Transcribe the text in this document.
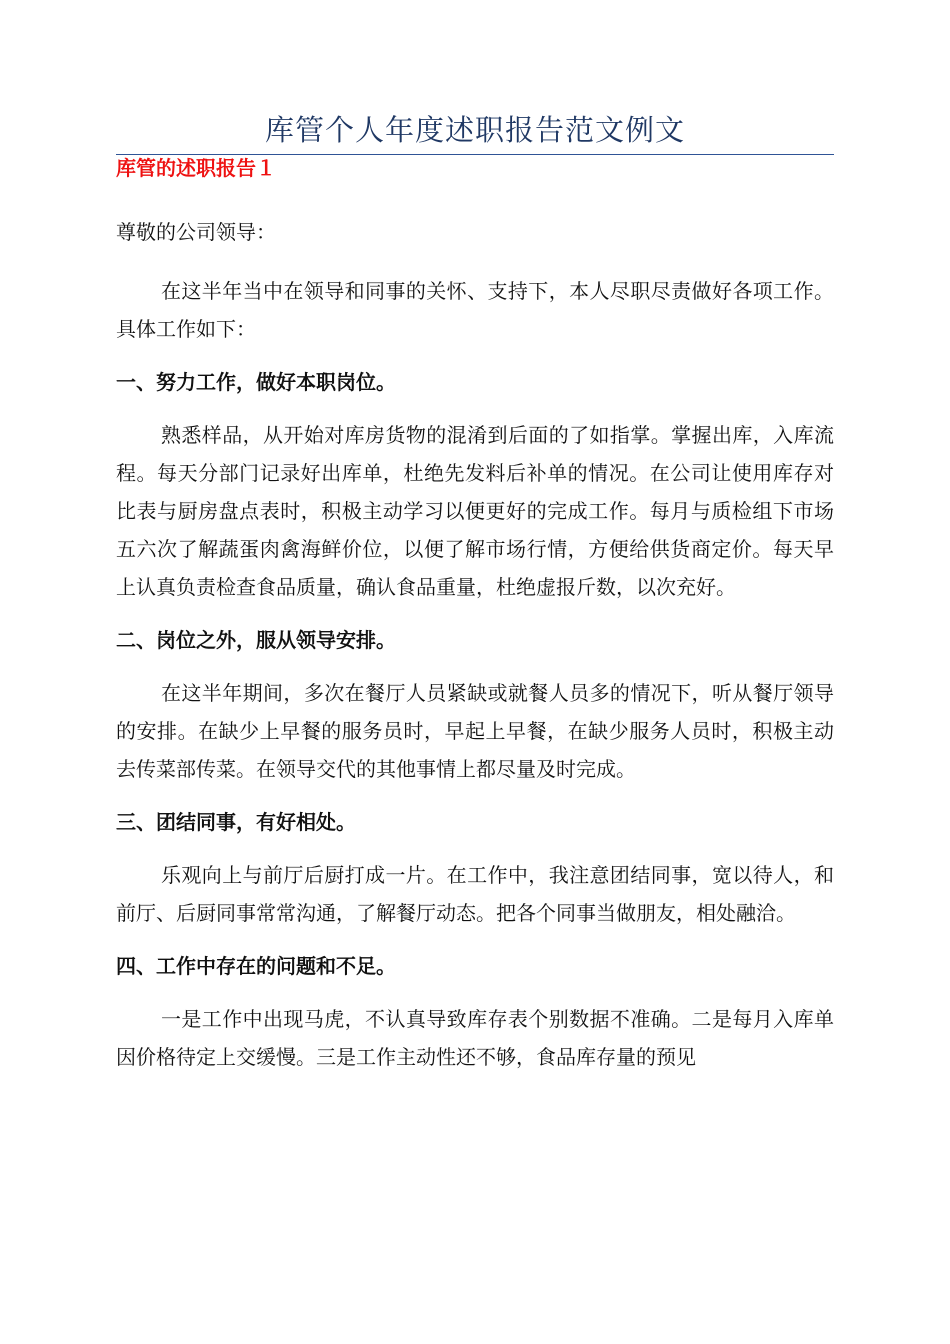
库管个人年度述职报告范文例文
库管的述职报告１

尊敬的公司领导：

在这半年当中在领导和同事的关怀、支持下，本人尽职尽责做好各项工作。具体工作如下：

一、努力工作，做好本职岗位。

熟悉样品，从开始对库房货物的混淆到后面的了如指掌。掌握出库，入库流程。每天分部门记录好出库单，杜绝先发料后补单的情况。在公司让使用库存对比表与厨房盘点表时，积极主动学习以便更好的完成工作。每月与质检组下市场五六次了解蔬蛋肉禽海鲜价位，以便了解市场行情，方便给供货商定价。每天早上认真负责检查食品质量，确认食品重量，杜绝虚报斤数，以次充好。

二、岗位之外，服从领导安排。

在这半年期间，多次在餐厅人员紧缺或就餐人员多的情况下，听从餐厅领导的安排。在缺少上早餐的服务员时，早起上早餐，在缺少服务人员时，积极主动去传菜部传菜。在领导交代的其他事情上都尽量及时完成。

三、团结同事，有好相处。

乐观向上与前厅后厨打成一片。在工作中，我注意团结同事，宽以待人，和前厅、后厨同事常常沟通，了解餐厅动态。把各个同事当做朋友，相处融洽。

四、工作中存在的问题和不足。

一是工作中出现马虎，不认真导致库存表个别数据不准确。二是每月入库单因价格待定上交缓慢。三是工作主动性还不够，食品库存量的预见
